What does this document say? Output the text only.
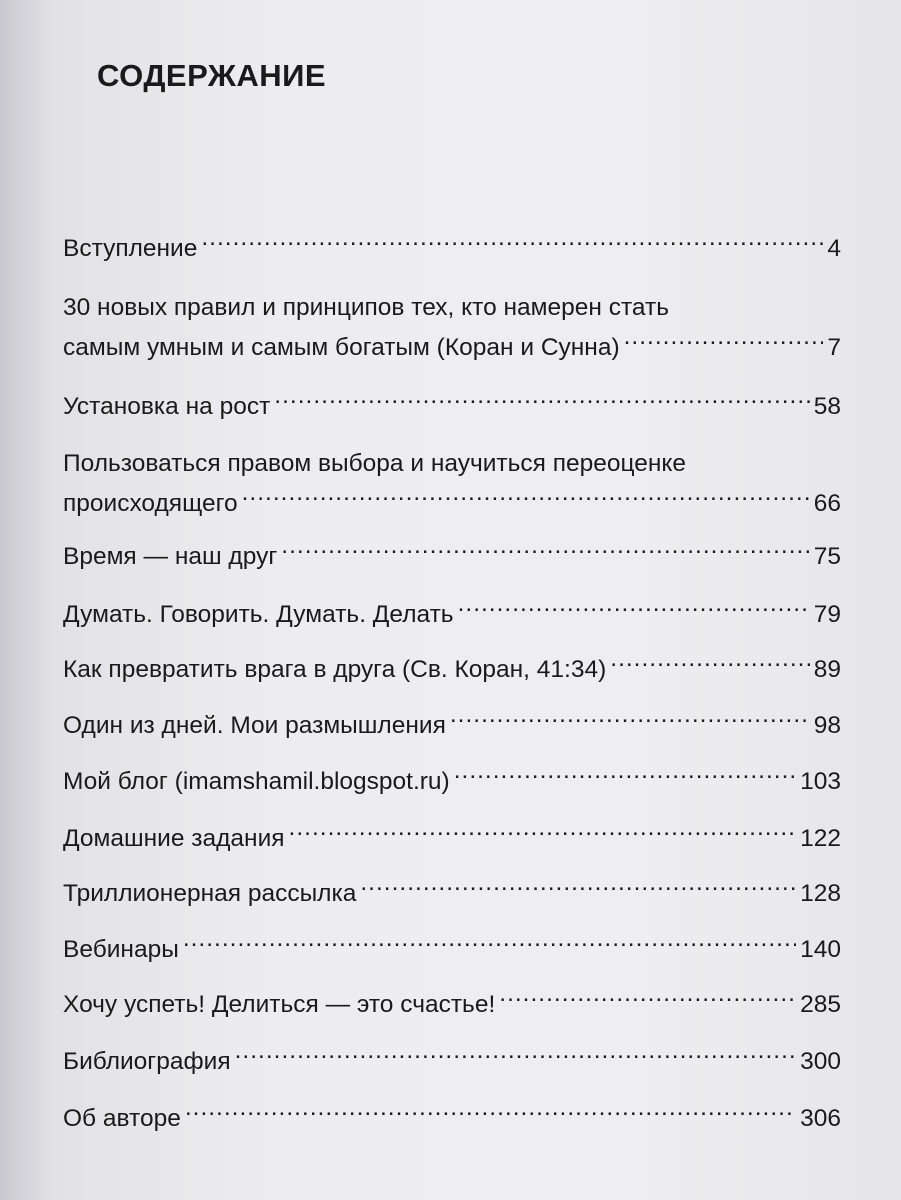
СОДЕРЖАНИЕ
Вступление .....	4
30 новых правил и принципов тех, кто намерен стать
самым умным и самым богатым (Коран и Сунна) .....	7
Установка на рост .....	58
Пользоваться правом выбора и научиться переоценке
происходящего .....	66
Время — наш друг .....	75
Думать. Говорить. Думать. Делать .....	79
Как превратить врага в друга (Св. Коран, 41:34) .....	89
Один из дней. Мои размышления .....	98
Мой блог (imamshamil.blogspot.ru) .....	103
Домашние задания .....	122
Триллионерная рассылка .....	128
Вебинары .....	140
Хочу успеть! Делиться — это счастье! .....	285
Библиография .....	300
Об авторе .....	306
